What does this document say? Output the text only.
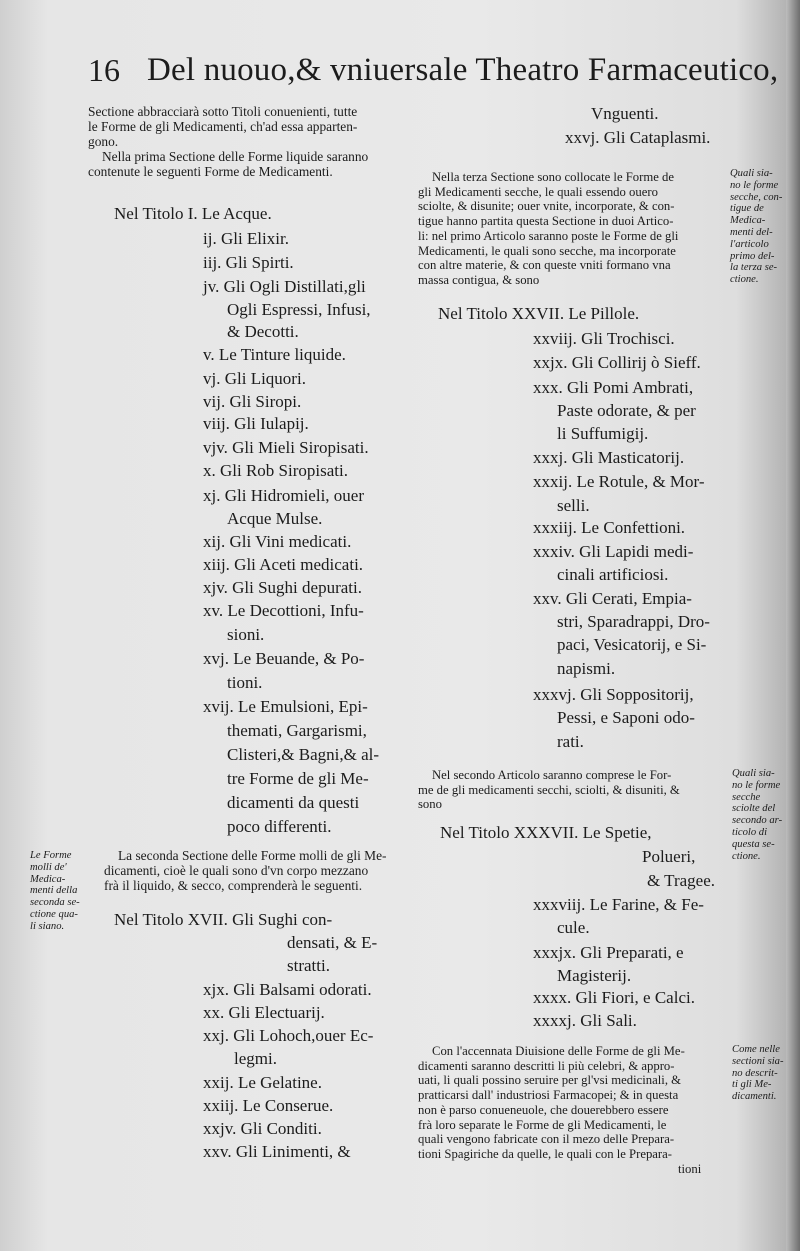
16 Del nuouo,& vniuersale Theatro Farmaceutico,
Sectione abbracciarà sotto Titoli conuenienti, tutte
le Forme de gli Medicamenti, ch'ad essa apparten-
gono.
Nella prima Sectione delle Forme liquide saranno
contenute le seguenti Forme de Medicamenti.
Nel Titolo I. Le Acque.
ij. Gli Elixir.
iij. Gli Spirti.
jv. Gli Ogli Distillati,gli
Ogli Espressi, Infusi,
& Decotti.
v. Le Tinture liquide.
vj. Gli Liquori.
vij. Gli Siropi.
viij. Gli Iulapij.
vjv. Gli Mieli Siropisati.
x. Gli Rob Siropisati.
xj. Gli Hidromieli, ouer
Acque Mulse.
xij. Gli Vini medicati.
xiij. Gli Aceti medicati.
xjv. Gli Sughi depurati.
xv. Le Decottioni, Infu-
sioni.
xvj. Le Beuande, & Po-
tioni.
xvij. Le Emulsioni, Epi-
themati, Gargarismi,
Clisteri,& Bagni,& al-
tre Forme de gli Me-
dicamenti da questi
poco differenti.
Le Forme
molli de'
Medica-
menti della
seconda se-
ctione qua-
li siano.
La seconda Sectione delle Forme molli de gli Me-
dicamenti, cioè le quali sono d'vn corpo mezzano
frà il liquido, & secco, comprenderà le seguenti.
Nel Titolo XVII. Gli Sughi con-
densati, & E-
stratti.
xjx. Gli Balsami odorati.
xx. Gli Electuarij.
xxj. Gli Lohoch,ouer Ec-
legmi.
xxij. Le Gelatine.
xxiij. Le Conserue.
xxjv. Gli Conditi.
xxv. Gli Linimenti, &
Vnguenti.
xxvj. Gli Cataplasmi.
Nella terza Sectione sono collocate le Forme de
gli Medicamenti secche, le quali essendo ouero
sciolte, & disunite; ouer vnite, incorporate, & con-
tigue hanno partita questa Sectione in duoi Artico-
li: nel primo Articolo saranno poste le Forme de gli
Medicamenti, le quali sono secche, ma incorporate
con altre materie, & con queste vniti formano vna
massa contigua, & sono
Quali sia-
no le forme
secche, con-
tigue de
Medica-
menti del-
l'articolo
primo del-
la terza se-
ctione.
Nel Titolo XXVII. Le Pillole.
xxviij. Gli Trochisci.
xxjx. Gli Collirij ò Sieff.
xxx. Gli Pomi Ambrati,
Paste odorate, & per
li Suffumigij.
xxxj. Gli Masticatorij.
xxxij. Le Rotule, & Mor-
selli.
xxxiij. Le Confettioni.
xxxiv. Gli Lapidi medi-
cinali artificiosi.
xxv. Gli Cerati, Empia-
stri, Sparadrappi, Dro-
paci, Vesicatorij, e Si-
napismi.
xxxvj. Gli Soppositorij,
Pessi, e Saponi odo-
rati.
Nel secondo Articolo saranno comprese le For-
me de gli medicamenti secchi, sciolti, & disuniti, &
sono
Quali sia-
no le forme
secche
sciolte del
secondo ar-
ticolo di
questa se-
ctione.
Nel Titolo XXXVII. Le Spetie,
Polueri,
& Tragee.
xxxviij. Le Farine, & Fe-
cule.
xxxjx. Gli Preparati, e
Magisterij.
xxxx. Gli Fiori, e Calci.
xxxxj. Gli Sali.
Con l'accennata Diuisione delle Forme de gli Me-
dicamenti saranno descritti li più celebri, & appro-
uati, li quali possino seruire per gl'vsi medicinali, &
pratticarsi dall' industriosi Farmacopei; & in questa
non è parso conueneuole, che douerebbero essere
frà loro separate le Forme de gli Medicamenti, le
quali vengono fabricate con il mezo delle Prepara-
tioni Spagiriche da quelle, le quali con le Prepara-
tioni
Come nelle
sectioni sia-
no descrit-
ti gli Me-
dicamenti.
